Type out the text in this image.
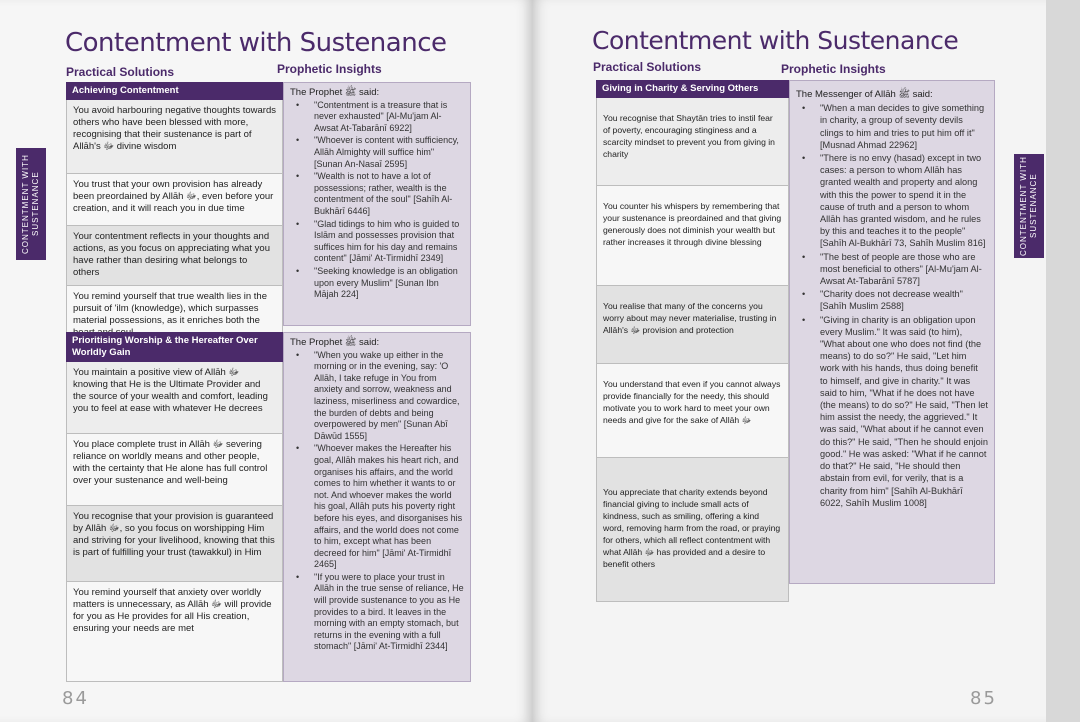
Contentment with Sustenance
Practical Solutions	Prophetic Insights
CONTENTMENT WITH SUSTENANCE
Achieving Contentment
You avoid harbouring negative thoughts towards others who have been blessed with more, recognising that their sustenance is part of Allāh's ﷻ divine wisdom
You trust that your own provision has already been preordained by Allāh ﷻ, even before your creation, and it will reach you in due time
Your contentment reflects in your thoughts and actions, as you focus on appreciating what you have rather than desiring what belongs to others
You remind yourself that true wealth lies in the pursuit of 'ilm (knowledge), which surpasses material possessions, as it enriches both the
The Prophet ﷺ said:
• "Contentment is a treasure that is never exhausted" [Al-Mu'jam Al-Awsat At-Tabarānī 6922]
• "Whoever is content with sufficiency, Allāh Almighty will suffice him" [Sunan An-Nasaī 2595]
• "Wealth is not to have a lot of possessions; rather, wealth is the contentment of the soul" [Sahīh Al-Bukhārī 6446]
• "Glad tidings to him who is guided to Islām and possesses provision that suffices him for his day and remains content" [Jāmi' At-Tirmidhī 2349]
• "Seeking knowledge is an obligation upon every Muslim" [Sunan Ibn Mājah 224]
Prioritising Worship & the Hereafter Over Worldly Gain
You maintain a positive view of Allāh ﷻ knowing that He is the Ultimate Provider and the source of your wealth and comfort, leading you to feel at ease with whatever He decrees
You place complete trust in Allāh ﷻ severing reliance on worldly means and other people, with the certainty that He alone has full control over your sustenance and well-being
You recognise that your provision is guaranteed by Allāh ﷻ, so you focus on worshipping Him and striving for your livelihood, knowing that this is part of fulfilling your trust (tawakkul) in Him
You remind yourself that anxiety over worldly matters is unnecessary, as Allāh ﷻ will provide for you as He provides for all His creation, ensuring your needs are met
The Prophet ﷺ said:
• "When you wake up either in the morning or in the evening, say: 'O Allāh, I take refuge in You from anxiety and sorrow, weakness and laziness, miserliness and cowardice, the burden of debts and being overpowered by men" [Sunan Abī Dāwūd 1555]
• "Whoever makes the Hereafter his goal, Allāh makes his heart rich, and organises his affairs, and the world comes to him whether it wants to or not. And whoever makes the world his goal, Allāh puts his poverty right before his eyes, and disorganises his affairs, and the world does not come to him, except what has been decreed for him" [Jāmi' At-Tirmidhī 2465]
• "If you were to place your trust in Allāh in the true sense of reliance, He will provide sustenance to you as He provides to a bird. It leaves in the morning with an empty stomach, but returns in the evening with a full stomach" [Jāmi' At-Tirmidhī 2344]
84
Contentment with Sustenance
Practical Solutions	Prophetic Insights
CONTENTMENT WITH SUSTENANCE
Giving in Charity & Serving Others
You recognise that Shaytān tries to instil fear of poverty, encouraging stinginess and a scarcity mindset to prevent you from giving in charity
You counter his whispers by remembering that your sustenance is preordained and that giving generously does not diminish your wealth but rather increases it through divine blessing
You realise that many of the concerns you worry about may never materialise, trusting in Allāh's ﷻ provision and protection
You understand that even if you cannot always provide financially for the needy, this should motivate you to work hard to meet your own needs and give for the sake of Allāh ﷻ
You appreciate that charity extends beyond financial giving to include small acts of kindness, such as smiling, offering a kind word, removing harm from the road, or praying for others, which all reflect contentment with what Allāh ﷻ has provided and a desire to benefit others
The Messenger of Allāh ﷺ said:
• "When a man decides to give something in charity, a group of seventy devils clings to him and tries to put him off it" [Musnad Ahmad 22962]
• "There is no envy (hasad) except in two cases: a person to whom Allāh has granted wealth and property and along with this the power to spend it in the cause of truth and a person to whom Allāh has granted wisdom, and he rules by this and teaches it to the people" [Sahīh Al-Bukhārī 73, Sahīh Muslim 816]
• "The best of people are those who are most beneficial to others" [Al-Mu'jam Al-Awsat At-Tabarānī 5787]
• "Charity does not decrease wealth" [Sahīh Muslim 2588]
• "Giving in charity is an obligation upon every Muslim." It was said (to him), "What about one who does not find (the means) to do so?" He said, "Let him work with his hands, thus doing benefit to himself, and give in charity." It was said to him, "What if he does not have (the means) to do so?" He said, "Then let him assist the needy, the aggrieved." It was said, "What about if he cannot even do this?" He said, "Then he should enjoin good." He was asked: "What if he cannot do that?" He said, "He should then abstain from evil, for verily, that is a charity from him" [Sahīh Al-Bukhārī 6022, Sahīh Muslim 1008]
85
